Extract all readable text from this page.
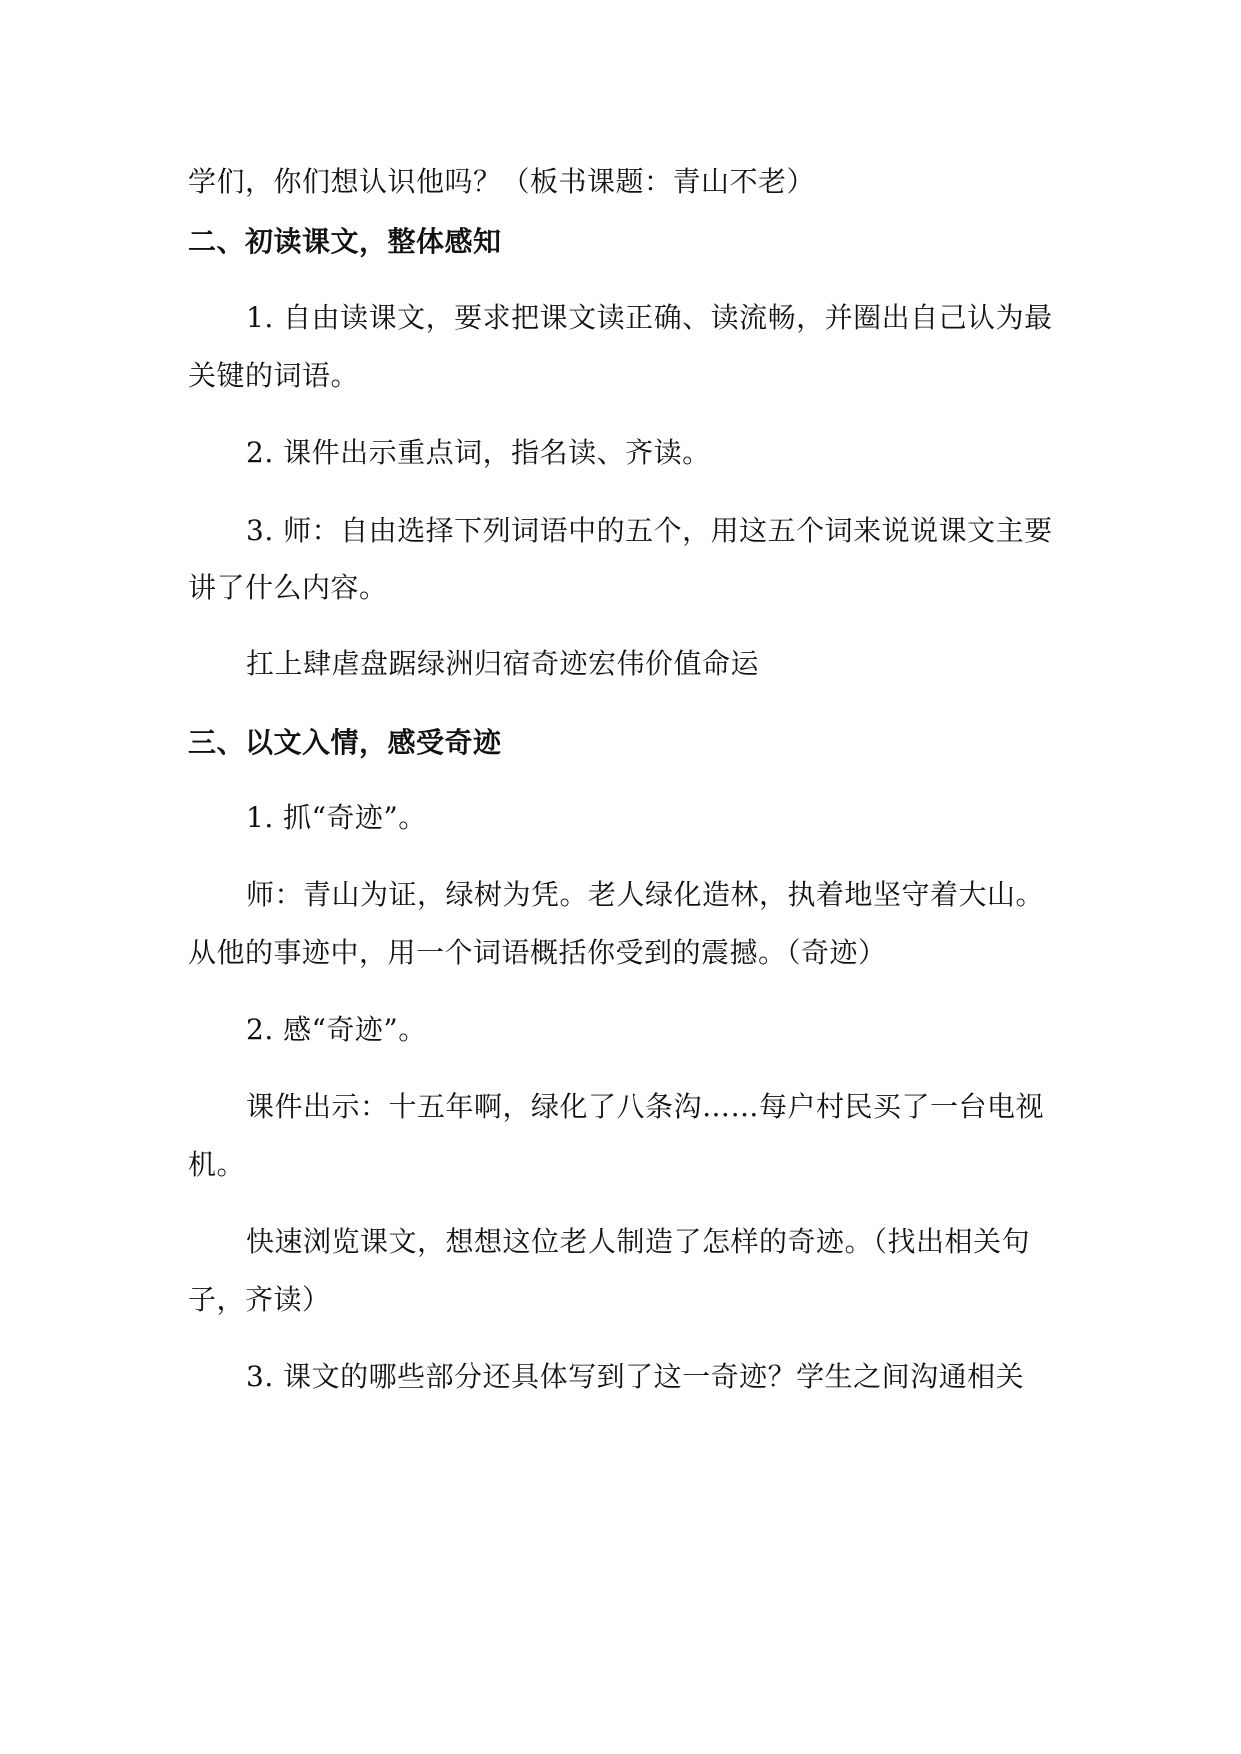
学们，你们想认识他吗？（板书课题：青山不老）
二、初读课文，整体感知
1. 自由读课文，要求把课文读正确、读流畅，并圈出自己认为最
关键的词语。
2. 课件出示重点词，指名读、齐读。
3. 师：自由选择下列词语中的五个，用这五个词来说说课文主要
讲了什么内容。
扛上肆虐盘踞绿洲归宿奇迹宏伟价值命运
三、以文入情，感受奇迹
1. 抓“奇迹”。
师：青山为证，绿树为凭。老人绿化造林，执着地坚守着大山。
从他的事迹中，用一个词语概括你受到的震撼。（奇迹）
2. 感“奇迹”。
课件出示：十五年啊，绿化了八条沟……每户村民买了一台电视
机。
快速浏览课文，想想这位老人制造了怎样的奇迹。（找出相关句
子，齐读）
3. 课文的哪些部分还具体写到了这一奇迹？学生之间沟通相关
